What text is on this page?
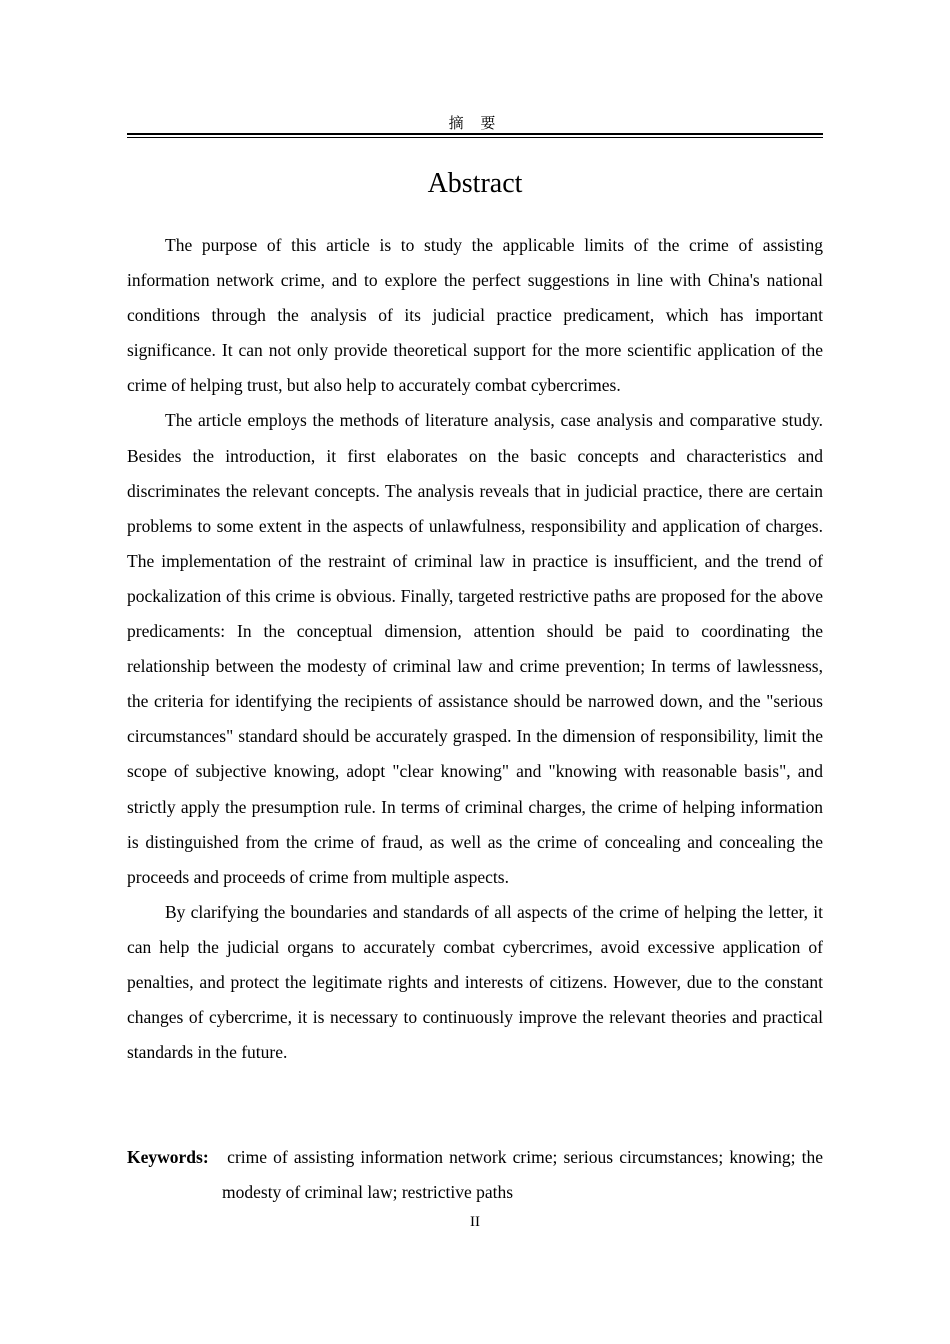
摘 要
Abstract

The purpose of this article is to study the applicable limits of the crime of assisting information network crime, and to explore the perfect suggestions in line with China's national conditions through the analysis of its judicial practice predicament, which has important significance. It can not only provide theoretical support for the more scientific application of the crime of helping trust, but also help to accurately combat cybercrimes.

The article employs the methods of literature analysis, case analysis and comparative study. Besides the introduction, it first elaborates on the basic concepts and characteristics and discriminates the relevant concepts. The analysis reveals that in judicial practice, there are certain problems to some extent in the aspects of unlawfulness, responsibility and application of charges. The implementation of the restraint of criminal law in practice is insufficient, and the trend of pockalization of this crime is obvious. Finally, targeted restrictive paths are proposed for the above predicaments: In the conceptual dimension, attention should be paid to coordinating the relationship between the modesty of criminal law and crime prevention; In terms of lawlessness, the criteria for identifying the recipients of assistance should be narrowed down, and the "serious circumstances" standard should be accurately grasped. In the dimension of responsibility, limit the scope of subjective knowing, adopt "clear knowing" and "knowing with reasonable basis", and strictly apply the presumption rule. In terms of criminal charges, the crime of helping information is distinguished from the crime of fraud, as well as the crime of concealing and concealing the proceeds and proceeds of crime from multiple aspects.

By clarifying the boundaries and standards of all aspects of the crime of helping the letter, it can help the judicial organs to accurately combat cybercrimes, avoid excessive application of penalties, and protect the legitimate rights and interests of citizens. However, due to the constant changes of cybercrime, it is necessary to continuously improve the relevant theories and practical standards in the future.

Keywords: crime of assisting information network crime; serious circumstances; knowing; the modesty of criminal law; restrictive paths
II
